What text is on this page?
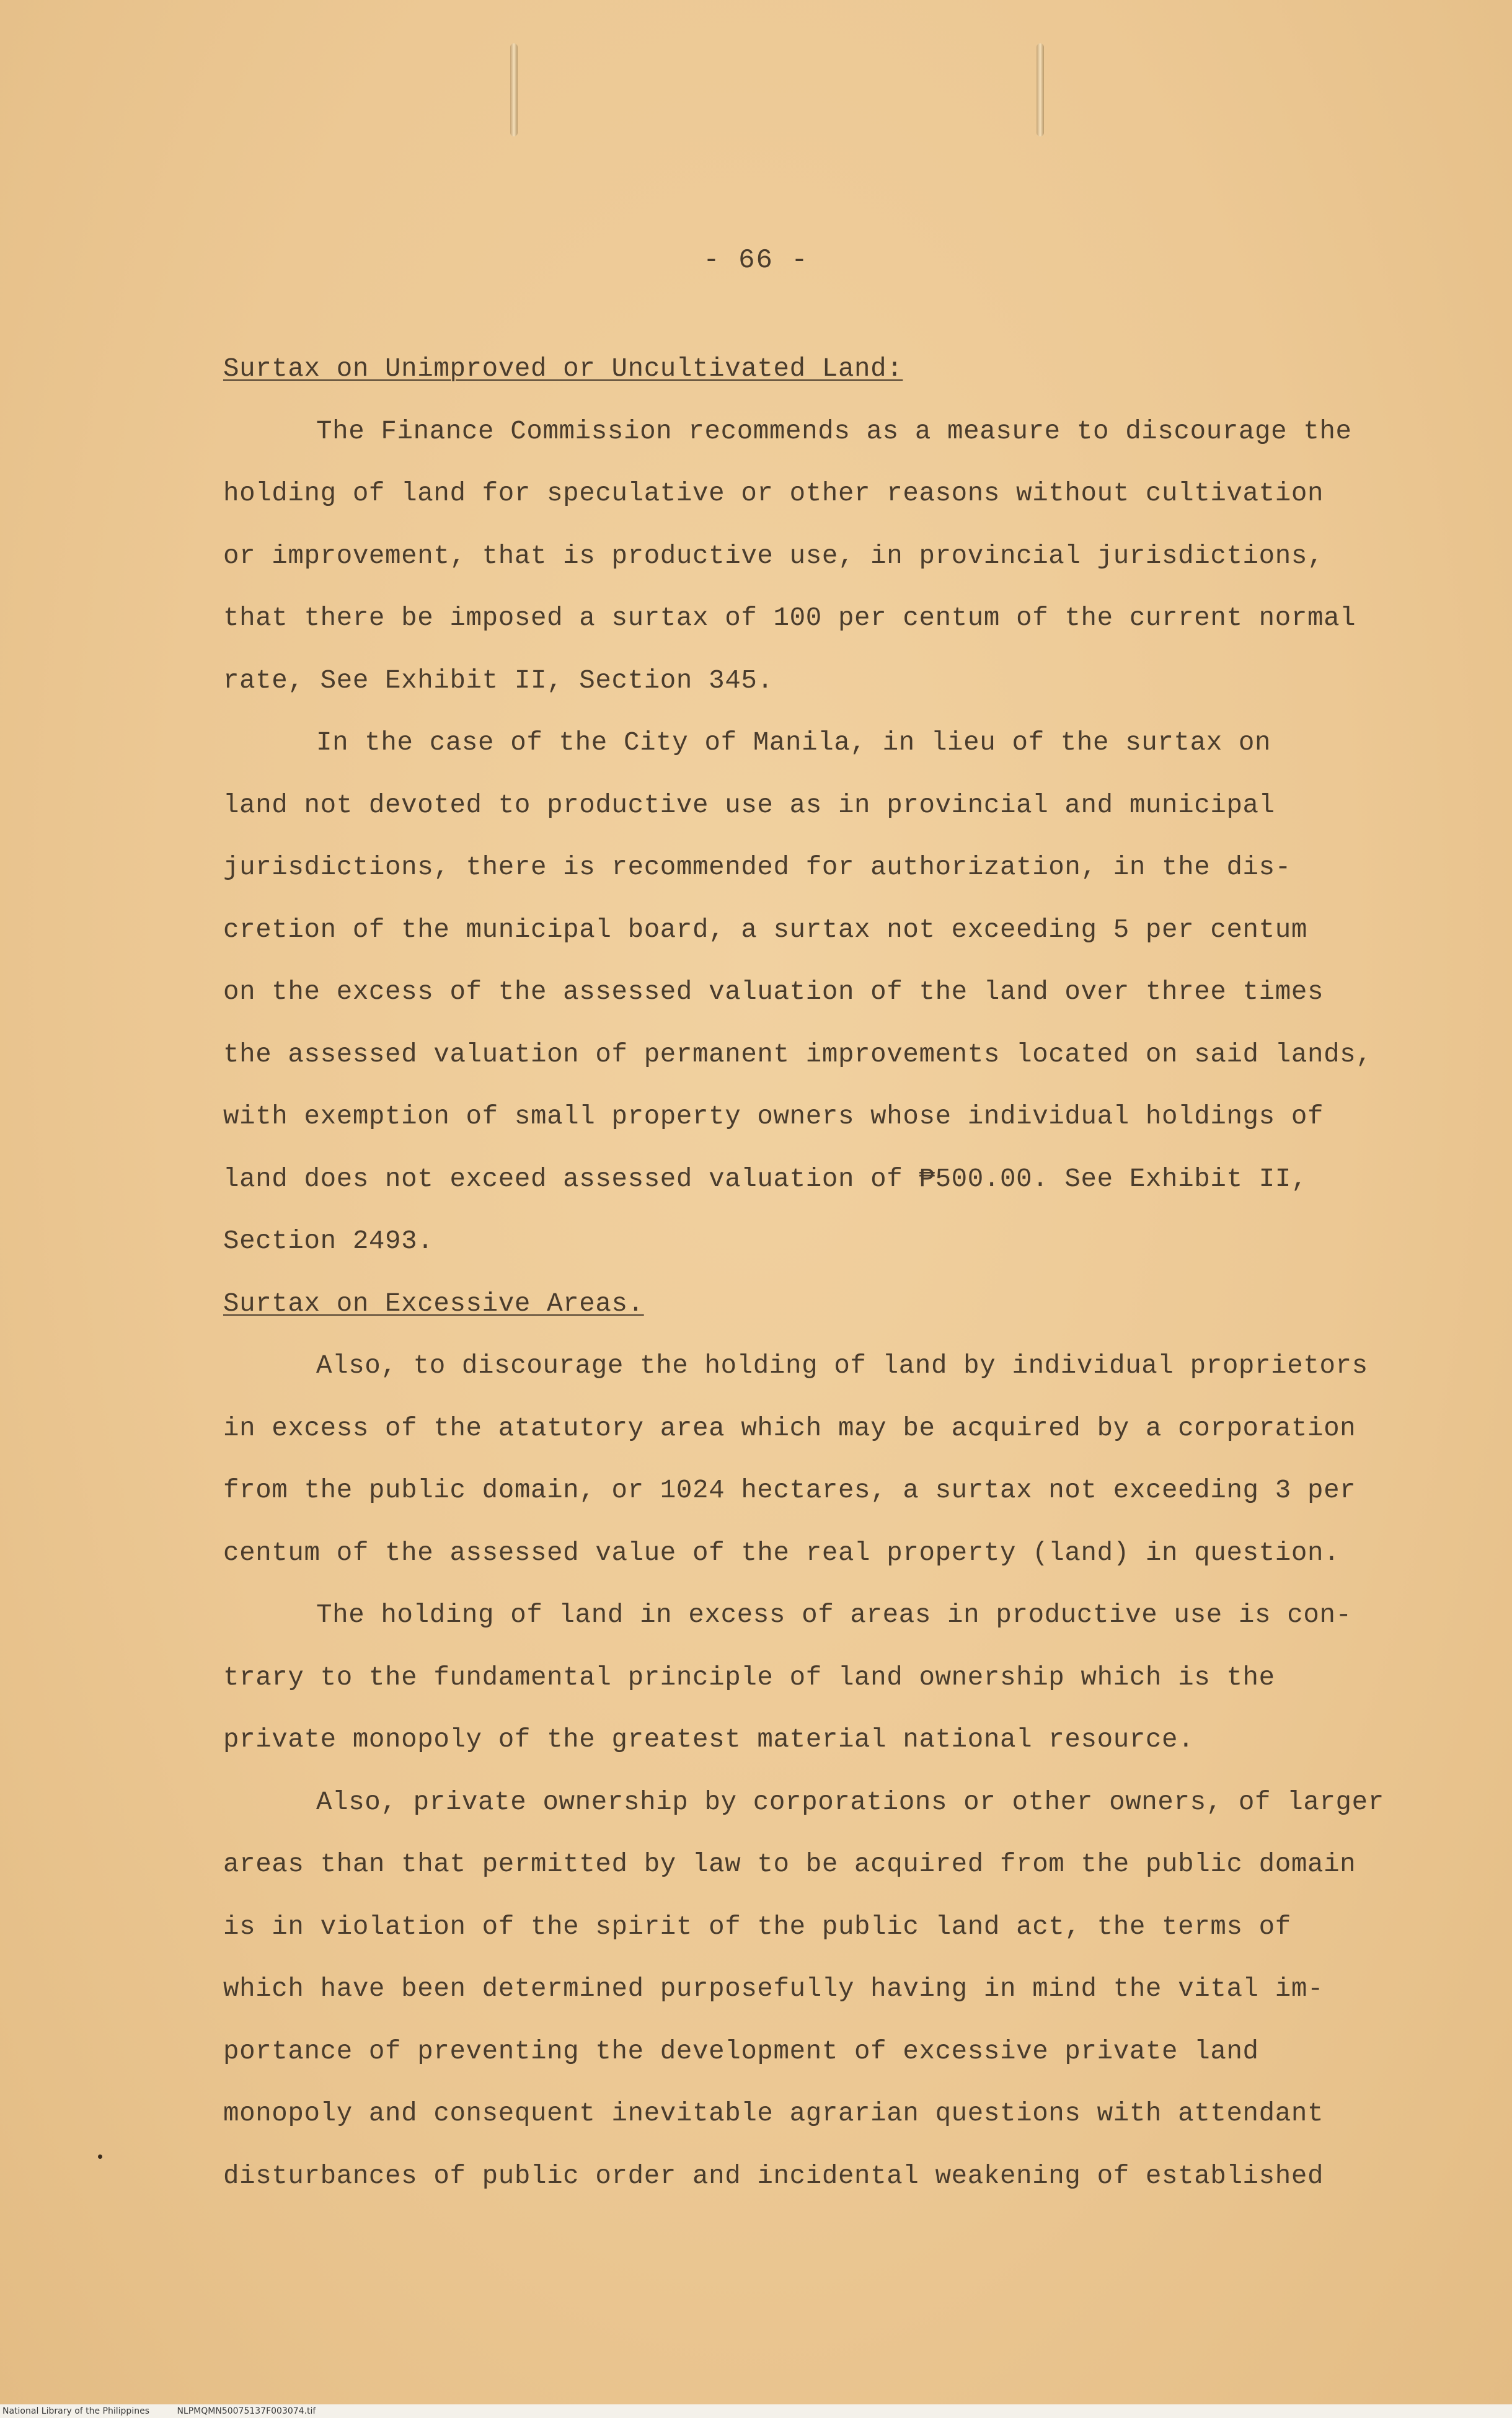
- 66 -
Surtax on Unimproved or Uncultivated Land:
The Finance Commission recommends as a measure to discourage the
holding of land for speculative or other reasons without cultivation
or improvement, that is productive use, in provincial jurisdictions,
that there be imposed a surtax of 100 per centum of the current normal
rate, See Exhibit II, Section 345.
In the case of the City of Manila, in lieu of the surtax on
land not devoted to productive use as in provincial and municipal
jurisdictions, there is recommended for authorization, in the dis-
cretion of the municipal board, a surtax not exceeding 5 per centum
on the excess of the assessed valuation of the land over three times
the assessed valuation of permanent improvements located on said lands,
with exemption of small property owners whose individual holdings of
land does not exceed assessed valuation of ₱500.00. See Exhibit II,
Section 2493.
Surtax on Excessive Areas.
Also, to discourage the holding of land by individual proprietors
in excess of the atatutory area which may be acquired by a corporation
from the public domain, or 1024 hectares, a surtax not exceeding 3 per
centum of the assessed value of the real property (land) in question.
The holding of land in excess of areas in productive use is con-
trary to the fundamental principle of land ownership which is the
private monopoly of the greatest material national resource.
Also, private ownership by corporations or other owners, of larger
areas than that permitted by law to be acquired from the public domain
is in violation of the spirit of the public land act, the terms of
which have been determined purposefully having in mind the vital im-
portance of preventing the development of excessive private land
monopoly and consequent inevitable agrarian questions with attendant
disturbances of public order and incidental weakening of established
National Library of the Philippines	NLPMQMN50075137F003074.tif
